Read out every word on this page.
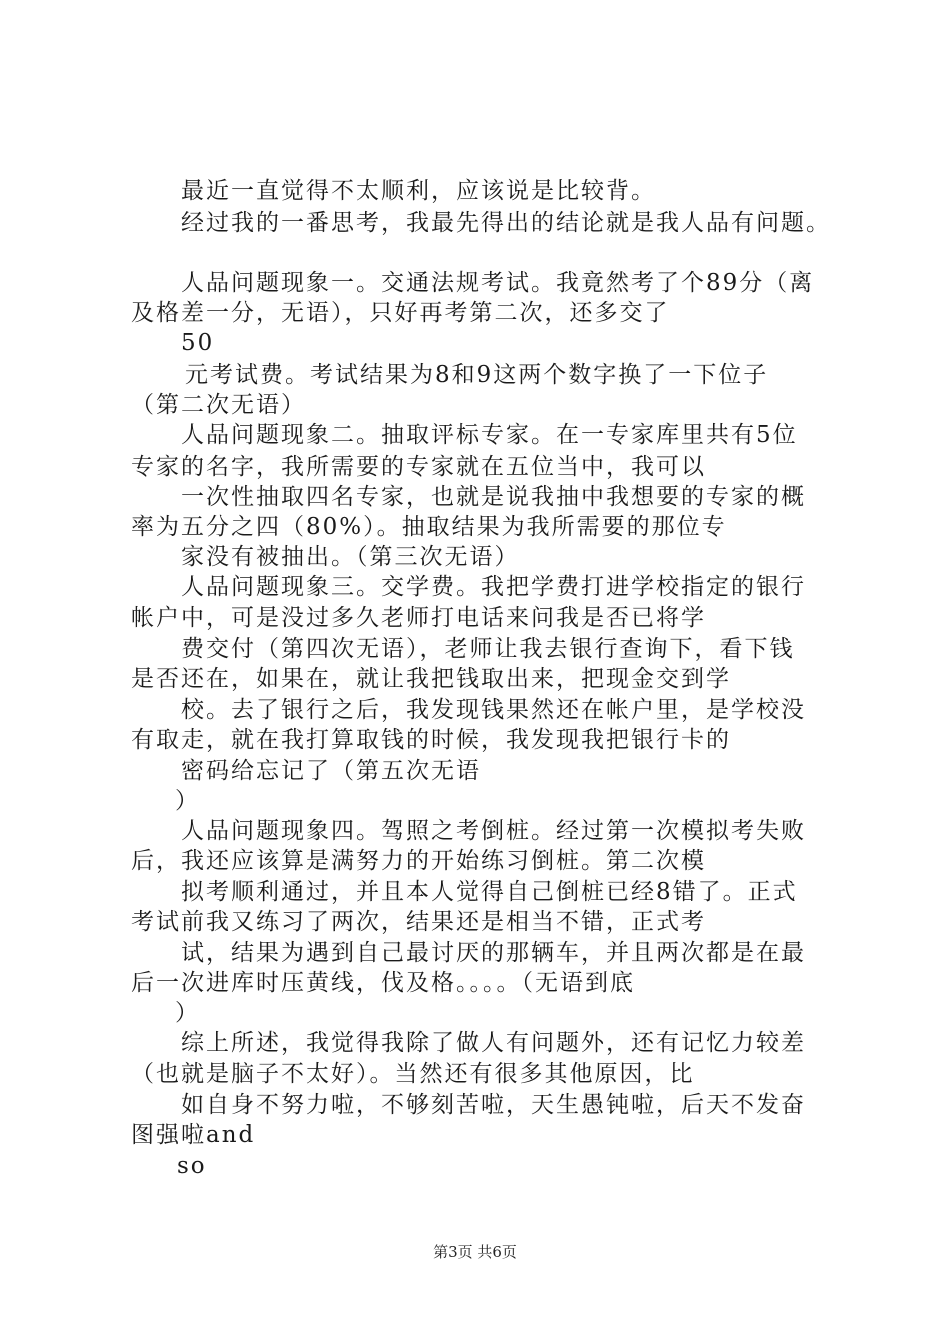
最近一直觉得不太顺利，应该说是比较背。
经过我的一番思考，我最先得出的结论就是我人品有问题。
人品问题现象一。交通法规考试。我竟然考了个89分（离
及格差一分，无语），只好再考第二次，还多交了
50
元考试费。考试结果为8和9这两个数字换了一下位子
（第二次无语）
人品问题现象二。抽取评标专家。在一专家库里共有5位
专家的名字，我所需要的专家就在五位当中，我可以
一次性抽取四名专家，也就是说我抽中我想要的专家的概
率为五分之四（80%）。抽取结果为我所需要的那位专
家没有被抽出。（第三次无语）
人品问题现象三。交学费。我把学费打进学校指定的银行
帐户中，可是没过多久老师打电话来问我是否已将学
费交付（第四次无语），老师让我去银行查询下，看下钱
是否还在，如果在，就让我把钱取出来，把现金交到学
校。去了银行之后，我发现钱果然还在帐户里，是学校没
有取走，就在我打算取钱的时候，我发现我把银行卡的
密码给忘记了（第五次无语
）
人品问题现象四。驾照之考倒桩。经过第一次模拟考失败
后，我还应该算是满努力的开始练习倒桩。第二次模
拟考顺利通过，并且本人觉得自己倒桩已经8错了。正式
考试前我又练习了两次，结果还是相当不错，正式考
试，结果为遇到自己最讨厌的那辆车，并且两次都是在最
后一次进库时压黄线，伐及格。。。。（无语到底
）
综上所述，我觉得我除了做人有问题外，还有记忆力较差
（也就是脑子不太好）。当然还有很多其他原因，比
如自身不努力啦，不够刻苦啦，天生愚钝啦，后天不发奋
图强啦and
so
第3页 共6页
